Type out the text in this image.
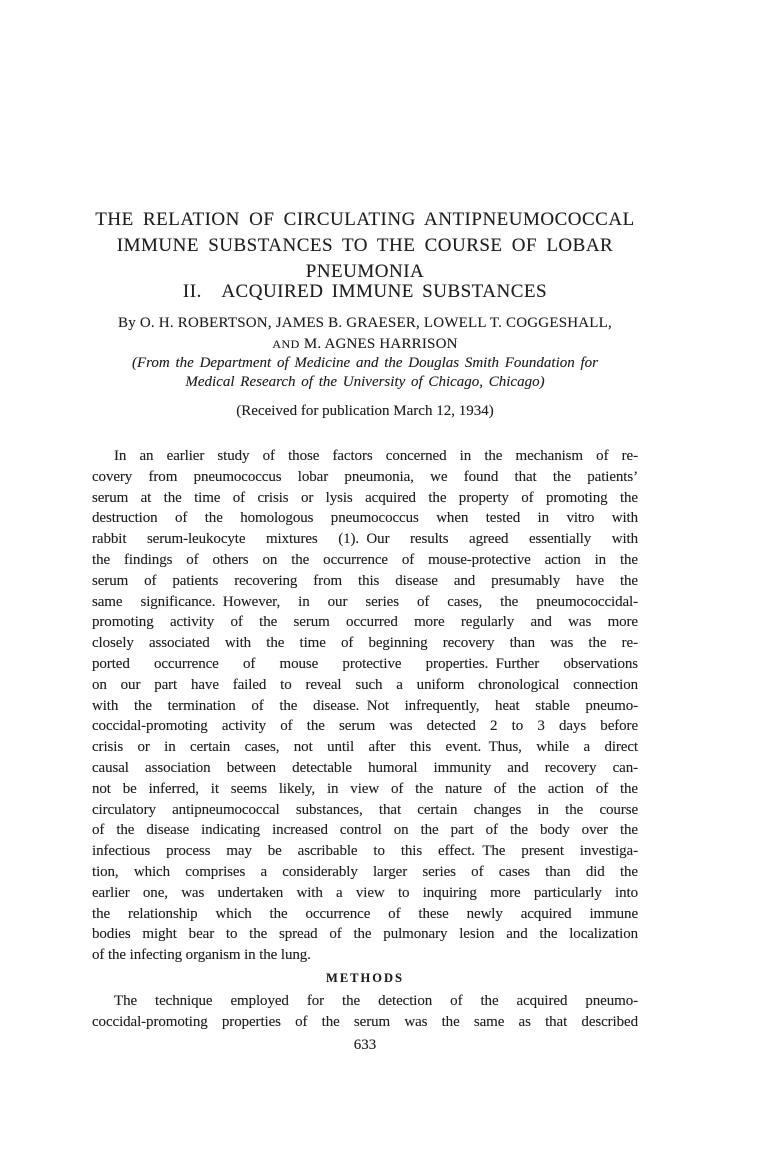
THE RELATION OF CIRCULATING ANTIPNEUMOCOCCAL
IMMUNE SUBSTANCES TO THE COURSE OF LOBAR
PNEUMONIA
II. ACQUIRED IMMUNE SUBSTANCES
By O. H. ROBERTSON, JAMES B. GRAESER, LOWELL T. COGGESHALL,
AND M. AGNES HARRISON
(From the Department of Medicine and the Douglas Smith Foundation for
Medical Research of the University of Chicago, Chicago)
(Received for publication March 12, 1934)
In an earlier study of those factors concerned in the mechanism of re-
covery from pneumococcus lobar pneumonia, we found that the patients’
serum at the time of crisis or lysis acquired the property of promoting the
destruction of the homologous pneumococcus when tested in vitro with
rabbit serum-leukocyte mixtures (1). Our results agreed essentially with
the findings of others on the occurrence of mouse-protective action in the
serum of patients recovering from this disease and presumably have the
same significance. However, in our series of cases, the pneumococcidal-
promoting activity of the serum occurred more regularly and was more
closely associated with the time of beginning recovery than was the re-
ported occurrence of mouse protective properties. Further observations
on our part have failed to reveal such a uniform chronological connection
with the termination of the disease. Not infrequently, heat stable pneumo-
coccidal-promoting activity of the serum was detected 2 to 3 days before
crisis or in certain cases, not until after this event. Thus, while a direct
causal association between detectable humoral immunity and recovery can-
not be inferred, it seems likely, in view of the nature of the action of the
circulatory antipneumococcal substances, that certain changes in the course
of the disease indicating increased control on the part of the body over the
infectious process may be ascribable to this effect. The present investiga-
tion, which comprises a considerably larger series of cases than did the
earlier one, was undertaken with a view to inquiring more particularly into
the relationship which the occurrence of these newly acquired immune
bodies might bear to the spread of the pulmonary lesion and the localization
of the infecting organism in the lung.
METHODS
The technique employed for the detection of the acquired pneumo-
coccidal-promoting properties of the serum was the same as that described
633
